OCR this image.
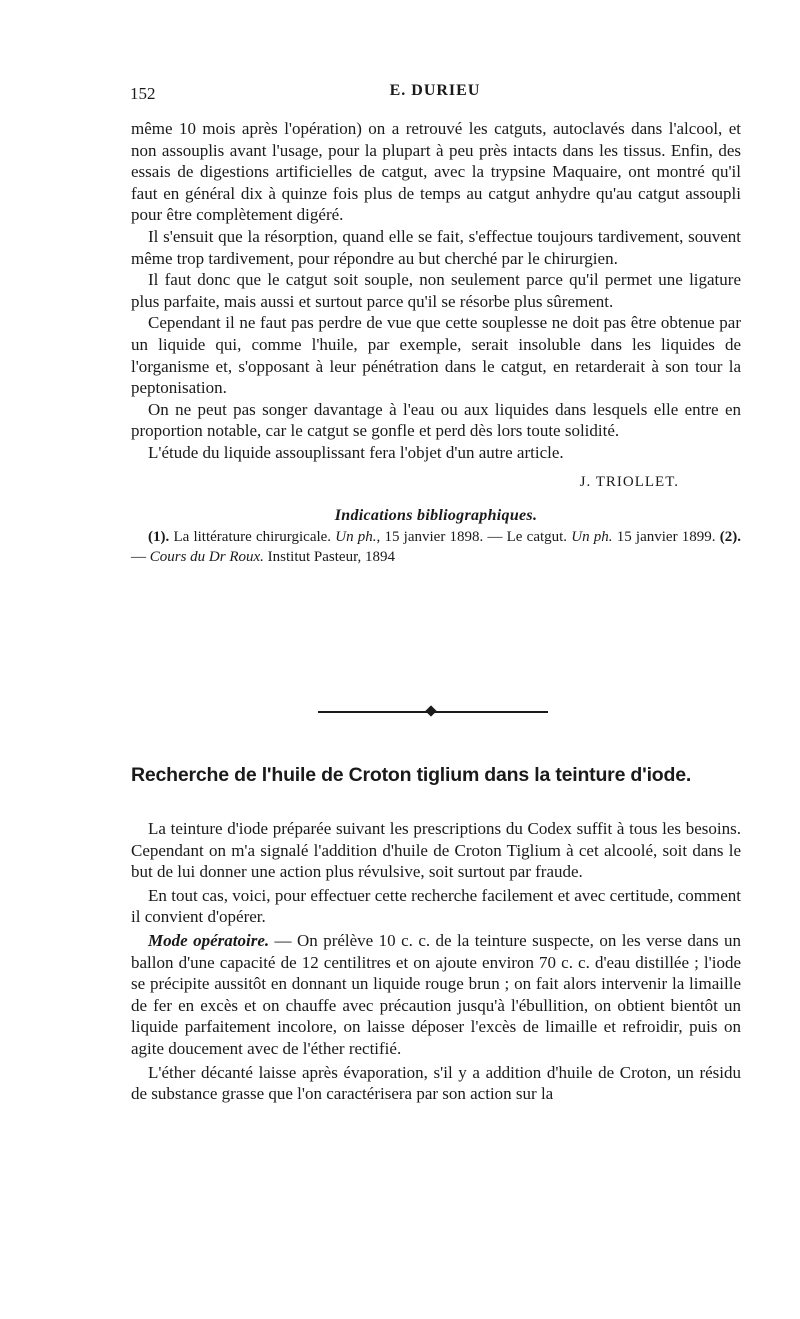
152	E. DURIEU

même 10 mois après l'opération) on a retrouvé les catguts, autoclavés dans l'alcool, et non assouplis avant l'usage, pour la plupart à peu près intacts dans les tissus. Enfin, des essais de digestions artificielles de catgut, avec la trypsine Maquaire, ont montré qu'il faut en général dix à quinze fois plus de temps au catgut anhydre qu'au catgut assoupli pour être complètement digéré.

Il s'ensuit que la résorption, quand elle se fait, s'effectue toujours tardivement, souvent même trop tardivement, pour répondre au but cherché par le chirurgien.

Il faut donc que le catgut soit souple, non seulement parce qu'il permet une ligature plus parfaite, mais aussi et surtout parce qu'il se résorbe plus sûrement.

Cependant il ne faut pas perdre de vue que cette souplesse ne doit pas être obtenue par un liquide qui, comme l'huile, par exemple, serait insoluble dans les liquides de l'organisme et, s'opposant à leur pénétration dans le catgut, en retarderait à son tour la peptonisation.

On ne peut pas songer davantage à l'eau ou aux liquides dans lesquels elle entre en proportion notable, car le catgut se gonfle et perd dès lors toute solidité.

L'étude du liquide assouplissant fera l'objet d'un autre article.

J. TRIOLLET.
Indications bibliographiques.

(1). La littérature chirurgicale. Un ph., 15 janvier 1898. — Le catgut. Un ph. 15 janvier 1899. (2). — Cours du Dr Roux. Institut Pasteur, 1894

Recherche de l'huile de Croton tiglium dans la teinture d'iode.

La teinture d'iode préparée suivant les prescriptions du Codex suffit à tous les besoins. Cependant on m'a signalé l'addition d'huile de Croton Tiglium à cet alcoolé, soit dans le but de lui donner une action plus révulsive, soit surtout par fraude.

En tout cas, voici, pour effectuer cette recherche facilement et avec certitude, comment il convient d'opérer.

Mode opératoire. — On prélève 10 c. c. de la teinture suspecte, on les verse dans un ballon d'une capacité de 12 centilitres et on ajoute environ 70 c. c. d'eau distillée ; l'iode se précipite aussitôt en donnant un liquide rouge brun ; on fait alors intervenir la limaille de fer en excès et on chauffe avec précaution jusqu'à l'ébullition, on obtient bientôt un liquide parfaitement incolore, on laisse déposer l'excès de limaille et refroidir, puis on agite doucement avec de l'éther rectifié.

L'éther décanté laisse après évaporation, s'il y a addition d'huile de Croton, un résidu de substance grasse que l'on caractérisera par son action sur la
